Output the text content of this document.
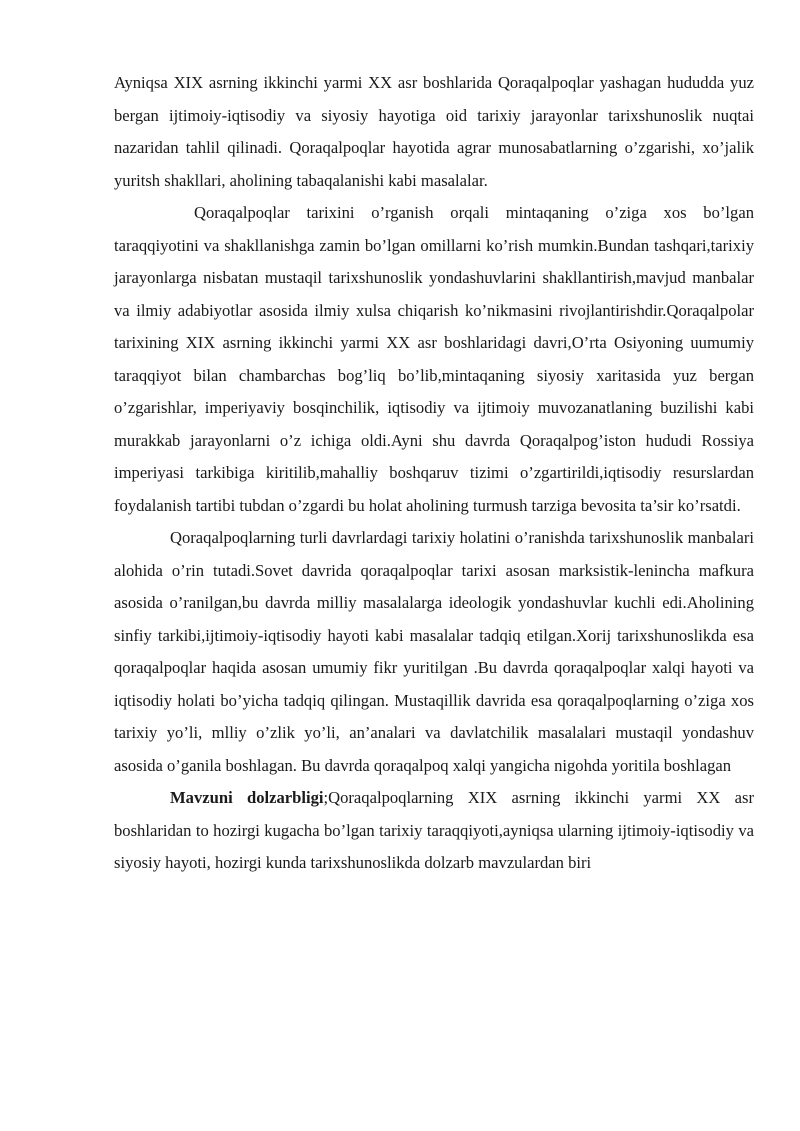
Ayniqsa XIX asrning ikkinchi yarmi XX asr boshlarida Qoraqalpoqlar yashagan hududda yuz bergan ijtimoiy-iqtisodiy va siyosiy hayotiga oid tarixiy jarayonlar tarixshunoslik nuqtai nazaridan tahlil qilinadi. Qoraqalpoqlar hayotida agrar munosabatlarning o’zgarishi, xo’jalik yuritsh shakllari, aholining tabaqalanishi kabi masalalar.

Qoraqalpoqlar tarixini o’rganish orqali mintaqaning o’ziga xos bo’lgan taraqqiyotini va shakllanishga zamin bo’lgan omillarni ko’rish mumkin.Bundan tashqari,tarixiy jarayonlarga nisbatan mustaqil tarixshunoslik yondashuvlarini shakllantirish,mavjud manbalar va ilmiy adabiyotlar asosida ilmiy xulsa chiqarish ko’nikmasini rivojlantirishdir.Qoraqalpolar tarixining XIX asrning ikkinchi yarmi XX asr boshlaridagi davri,O’rta Osiyoning uumumiy taraqqiyot bilan chambarchas bog’liq bo’lib,mintaqaning siyosiy xaritasida yuz bergan o’zgarishlar, imperiyaviy bosqinchilik, iqtisodiy va ijtimoiy muvozanatlaning buzilishi kabi murakkab jarayonlarni o’z ichiga oldi.Ayni shu davrda Qoraqalpog’iston hududi Rossiya imperiyasi tarkibiga kiritilib,mahalliy boshqaruv tizimi o’zgartirildi,iqtisodiy resurslardan foydalanish tartibi tubdan o’zgardi bu holat aholining turmush tarziga bevosita ta’sir ko’rsatdi.

Qoraqalpoqlarning turli davrlardagi tarixiy holatini o’ranishda tarixshunoslik manbalari alohida o’rin tutadi.Sovet davrida qoraqalpoqlar tarixi asosan marksistik-lenincha mafkura asosida o’ranilgan,bu davrda milliy masalalarga ideologik yondashuvlar kuchli edi.Aholining sinfiy tarkibi,ijtimoiy-iqtisodiy hayoti kabi masalalar tadqiq etilgan.Xorij tarixshunoslikda esa qoraqalpoqlar haqida asosan umumiy fikr yuritilgan .Bu davrda qoraqalpoqlar xalqi hayoti va iqtisodiy holati bo’yicha tadqiq qilingan. Mustaqillik davrida esa qoraqalpoqlarning o’ziga xos tarixiy yo’li, mlliy o’zlik yo’li, an’analari va davlatchilik masalalari mustaqil yondashuv asosida o’ganila boshlagan. Bu davrda qoraqalpoq xalqi yangicha nigohda yoritila boshlagan

Mavzuni dolzarbligi;Qoraqalpoqlarning XIX asrning ikkinchi yarmi XX asr boshlaridan to hozirgi kugacha bo’lgan tarixiy taraqqiyoti,ayniqsa ularning ijtimoiy-iqtisodiy va siyosiy hayoti, hozirgi kunda tarixshunoslikda dolzarb mavzulardan biri
